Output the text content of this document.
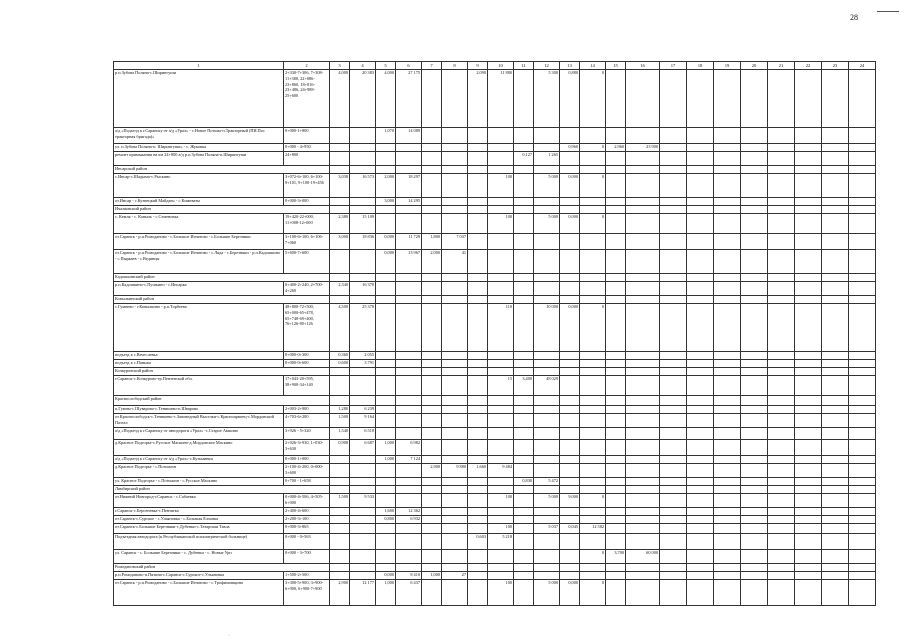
28
1	2	3	4	5	6	7	8	9	10	11	12	13	14	15	16	17	18	19	20	21	22	23	24
р.п.Зубова Поляна-с.Ширингуши	2+330-7+306, 7+308-11+380, 22+086-23+860, 18+816-23+486, 24+988-25+600	4,000	20 383	4,000	27 175			2,090	11 880		5 300	0,880	0										
а/д «Подъезд к г.Саранску от а/д «Урал» - с.Новое Потьма-п.Тракторный (ПИ.Пос тракторная бригада)»	0+000-1+800			1,070	14 089																		
ул. п.Зубова Поляна-п. Ширингуши» - с. Жуковка	0+000 - 4+950											0,960	0	2,960	23 900								
ремонт примыкания на км 24+800 а/д р.п.Зубова Поляна-п.Ширингуши	24+800									0,127	1 265												
Инсарский район																							
с.Инсар-с.Шадымо-с.Рыскино	3+072-6+100, 6+100-9+101, 9+100-19+456	3,038	16 573	2,000	18 297				100		5 000	0,000	0										
от.Инсар - с.Кузнецкий Майдан» - с.Кижеваты	0+000-3+000			3,000	14 295																		
Ичалковский район																							
с. Кемля - с. Ковыль - с.Семеновка	19+420-22+000, 11+008-12+000	2,380	15 109						100		5 000	0,000	0										
от.Саранск - р.п.Ромоданово - с.Большое Игнатово - с.Большие Березники	3+100-6+100, 6+106-7+060	3,000	18 836	0,000	11 729	1,800	7 037																
от.Саранск - р.п.Ромоданово - с.Большие Игнатово - с.Ляда - с.Березняки - р.п.Кадошкино - с.Пыркаев - с.Ведянцы	5+600-7+600			0,000	13 967	2,000	41																
Кадошкинский район																							
р.п.Кадошкино-с.Пушкино - с.Инсарка	0+400-2+240, 2+700-4+260	2,340	16 370																				
Ковылкинский район																							
с.Гумнево - г.Ковылкино - р.п.Торбеево	48+800-72+500, 65+000-65+478, 65+740-69+400, 76+126-80+126	4,500	25 378						110		10 000	0,000	0										
подъезд к с.Вечеслевка	0+000-0+300	0,360	2 055																				
подъезд к с.Паньжа	0+000-0+600	0,600	3 791																				
Кочкуровский район																							
г.Саранск-с.Кочкурово-гр.Пензенской обл.	17+043-20+595, 38+900-34+140								15	3,400	48 029												
Краснослободский район																							
п.Гумны-с.Шуварово-с.Тенишево-п.Шварово	2+003-2+900	1,280	6 239																				
от.Краснослободск-с.Тенишево-с.Заповедный Выселки-с.Красноармеец-с.Мордовский Пазгал	4+703-6+200	1,500	9 164																				
а/д «Подъезд к г.Саранску от автодороги «Урал» -с.Старое Акшино	3+926 - 5+320	1,540	6 518																				
д.Красное Подгорье-с.Русское Маскино-д.Мордовское Маскино	2+026-3+930, 1+030-3+630	0,908	6 687	1,000	6 982																		
а/д «Подъезд к г.Саранску от а/д «Урал»-с.Кузьминки	0+000-1+000			1,000	7 124																		
д.Красное Подгорье - с.Потьмазн	2+100-4+200, 0+000-3+600					2,900	9 880	1,660	9 484														
ул. Красное Подгорье - с.Потьмазн - с.Русское Маскино	0+700 - 1+658									0,830	5 472												
Лямбирский район																							
от.Нижний Новгород-г.Саранск - с.Сабаевка	0+000-4+506, 4+505-6+000	1,500	9 533						100		5 000	9,000	0										
г.Саранск-с.Берсеневка-с.Пензятка	2+400-4+600			1,600	12 362																		
от.Саранск-с.Сурское - с.Ульяновка - с.Большая Елховка	2+200-3+100			0,800	6 932																		
от.Саранск-с.Большие Березняки-с.Дубенки-с.Татарская Тавла	0+000-3+865								100		5 037	0,045	12 582										
Подъездная автодорога (к Республиканской психиатрической больнице)	0+000 - 0+563							0,603	5 218														
ул. Саранск - с. Большие Березники - с. Дубенки - с. Новые Урп	0+000 - 3+700												0	3,700	60 000								
Ромодановский район																							
р.п.Ромоданово-п.Пятина-с.Саранск-с.Сурское-с.Ульяновка	1+500-2+500			0,000	8 410	1,000	27																
от.Саранск - р.п.Ромоданово - с.Большие Игнатово - с.Трофимовщина	3+300-5+900, 3+900-6+900, 6+900-7+900	2,900	12 177	1,000	6 437				100		5 000	0,000	0										
·
